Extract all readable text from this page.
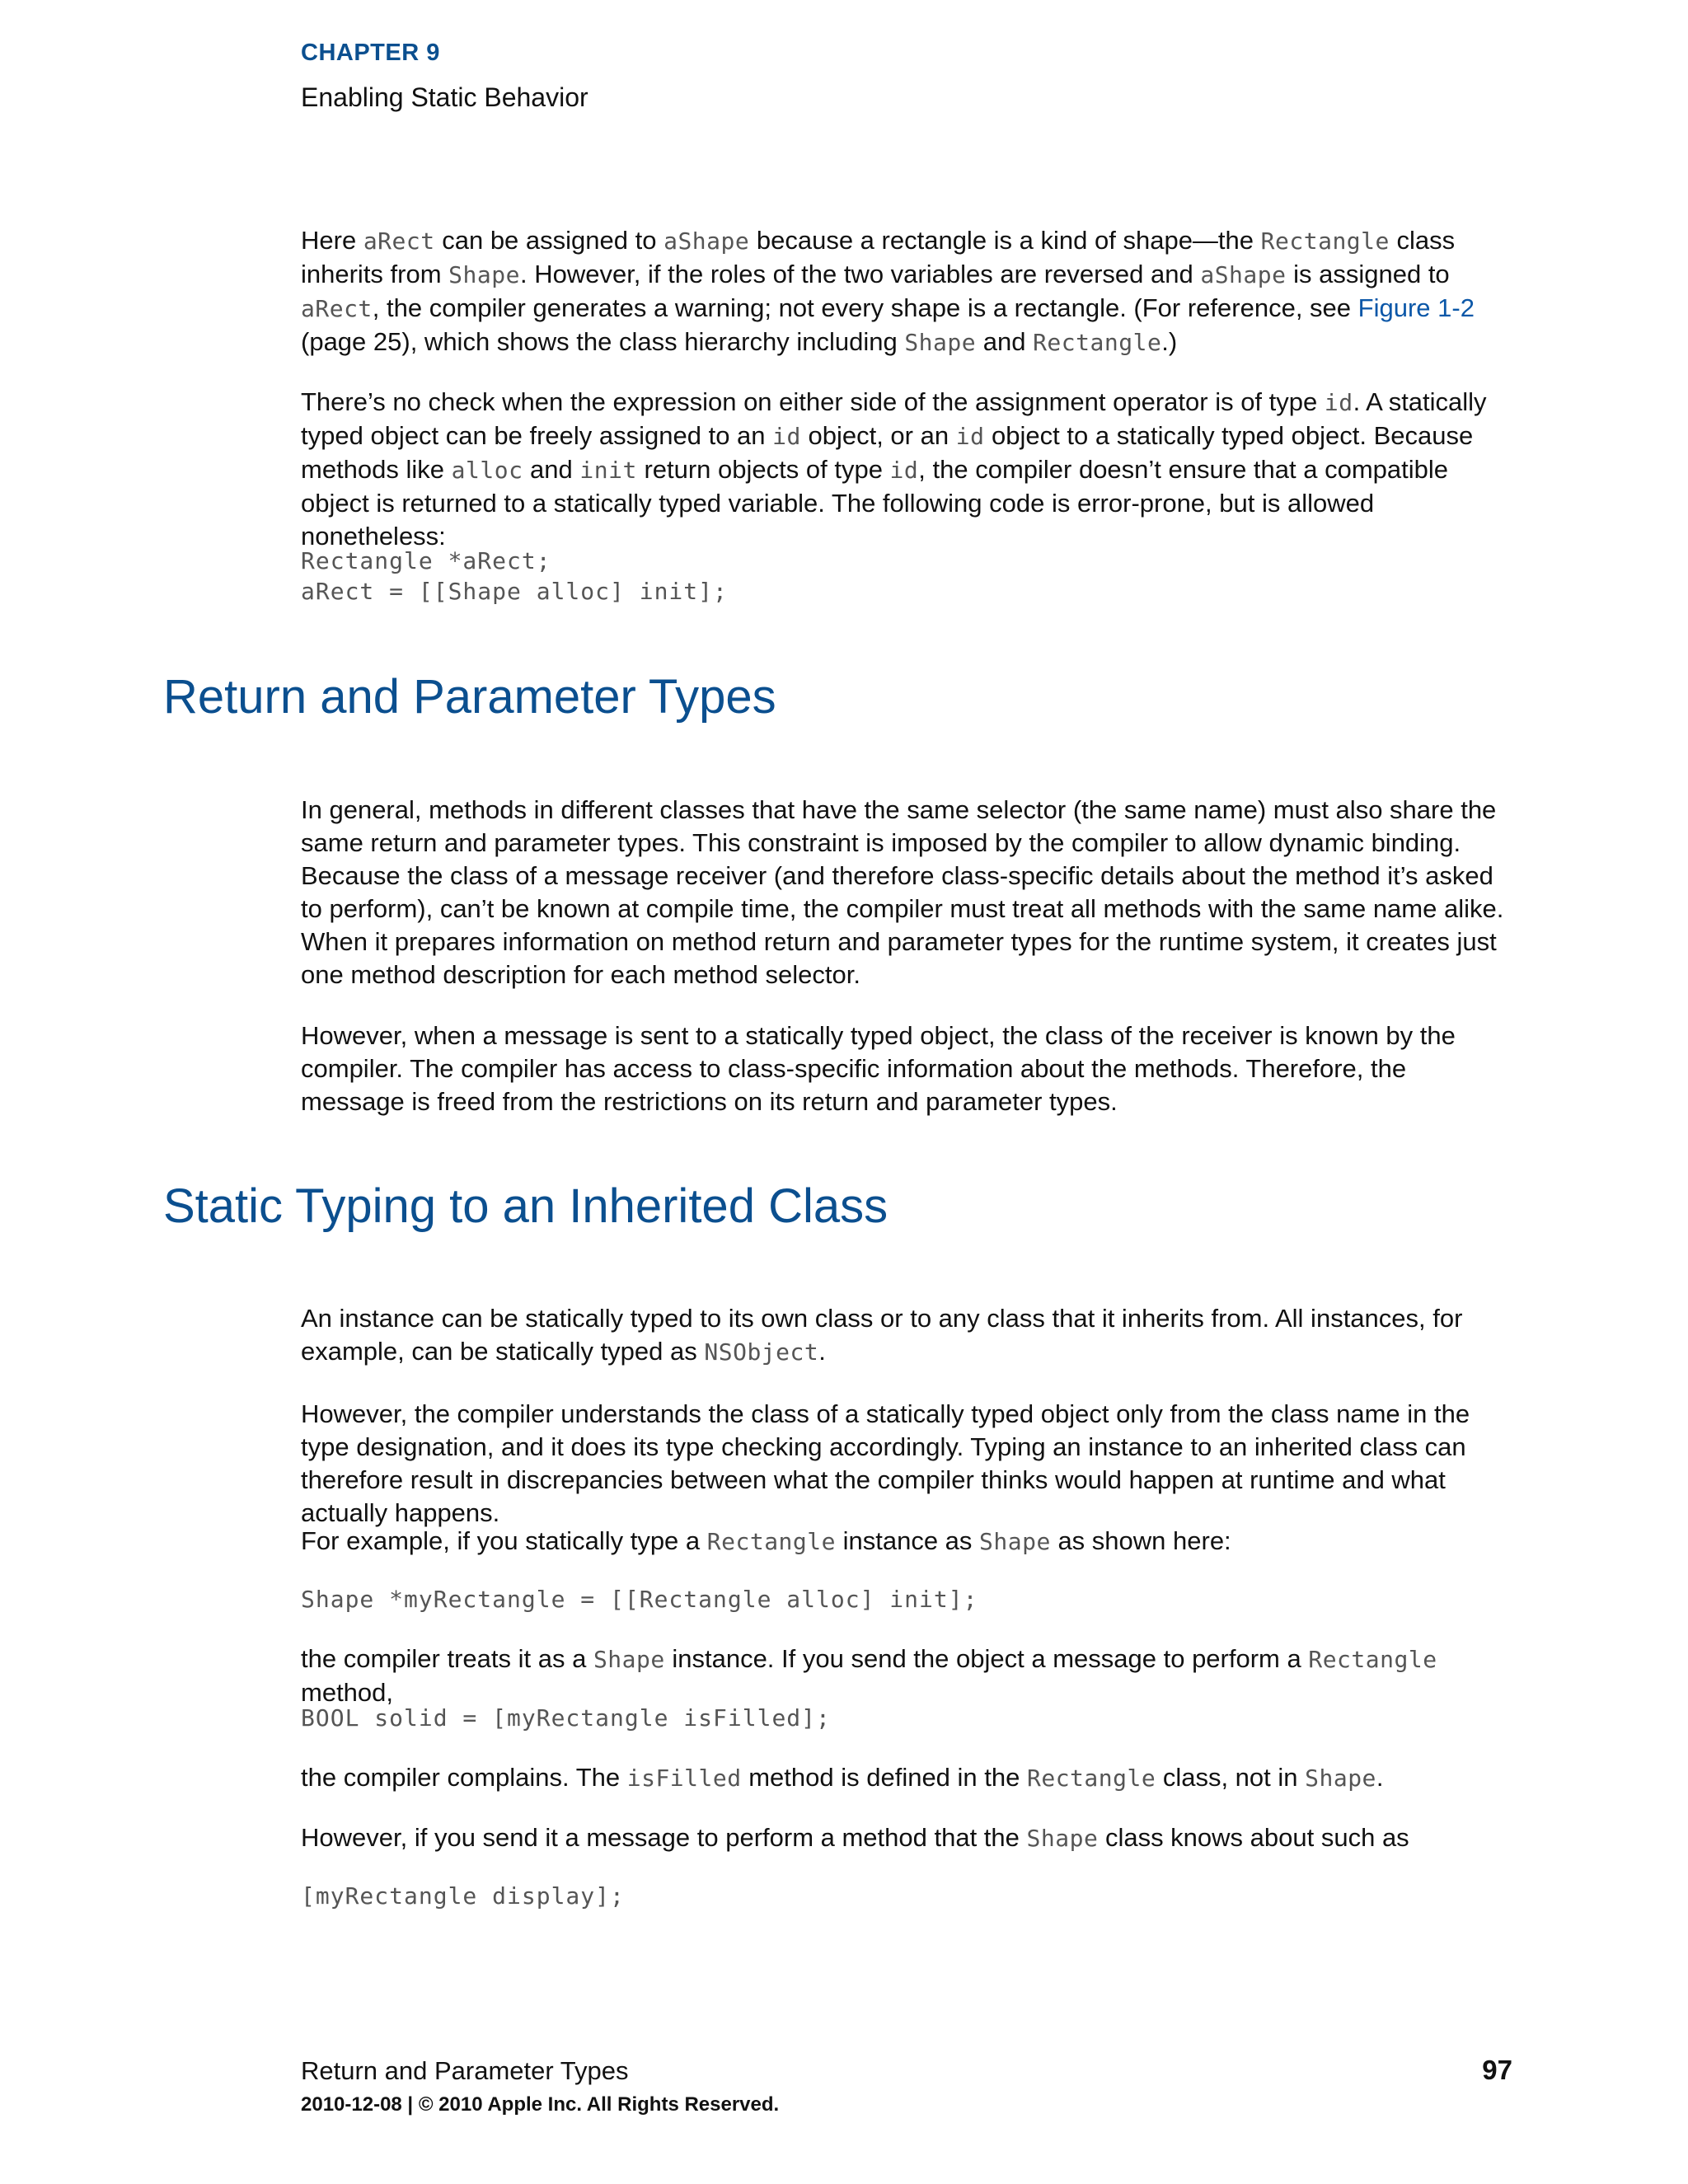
CHAPTER 9
Enabling Static Behavior

Here aRect can be assigned to aShape because a rectangle is a kind of shape—the Rectangle class inherits from Shape. However, if the roles of the two variables are reversed and aShape is assigned to aRect, the compiler generates a warning; not every shape is a rectangle. (For reference, see Figure 1-2 (page 25), which shows the class hierarchy including Shape and Rectangle.)

There’s no check when the expression on either side of the assignment operator is of type id. A statically typed object can be freely assigned to an id object, or an id object to a statically typed object. Because methods like alloc and init return objects of type id, the compiler doesn’t ensure that a compatible object is returned to a statically typed variable. The following code is error-prone, but is allowed nonetheless:

Rectangle *aRect;
aRect = [[Shape alloc] init];
Return and Parameter Types

In general, methods in different classes that have the same selector (the same name) must also share the same return and parameter types. This constraint is imposed by the compiler to allow dynamic binding. Because the class of a message receiver (and therefore class-specific details about the method it’s asked to perform), can’t be known at compile time, the compiler must treat all methods with the same name alike. When it prepares information on method return and parameter types for the runtime system, it creates just one method description for each method selector.

However, when a message is sent to a statically typed object, the class of the receiver is known by the compiler. The compiler has access to class-specific information about the methods. Therefore, the message is freed from the restrictions on its return and parameter types.

Static Typing to an Inherited Class

An instance can be statically typed to its own class or to any class that it inherits from. All instances, for example, can be statically typed as NSObject.

However, the compiler understands the class of a statically typed object only from the class name in the type designation, and it does its type checking accordingly. Typing an instance to an inherited class can therefore result in discrepancies between what the compiler thinks would happen at runtime and what actually happens.

For example, if you statically type a Rectangle instance as Shape as shown here:

Shape *myRectangle = [[Rectangle alloc] init];

the compiler treats it as a Shape instance. If you send the object a message to perform a Rectangle method,

BOOL solid = [myRectangle isFilled];

the compiler complains. The isFilled method is defined in the Rectangle class, not in Shape.

However, if you send it a message to perform a method that the Shape class knows about such as

[myRectangle display];
Return and Parameter Types	97
2010-12-08 | © 2010 Apple Inc. All Rights Reserved.
